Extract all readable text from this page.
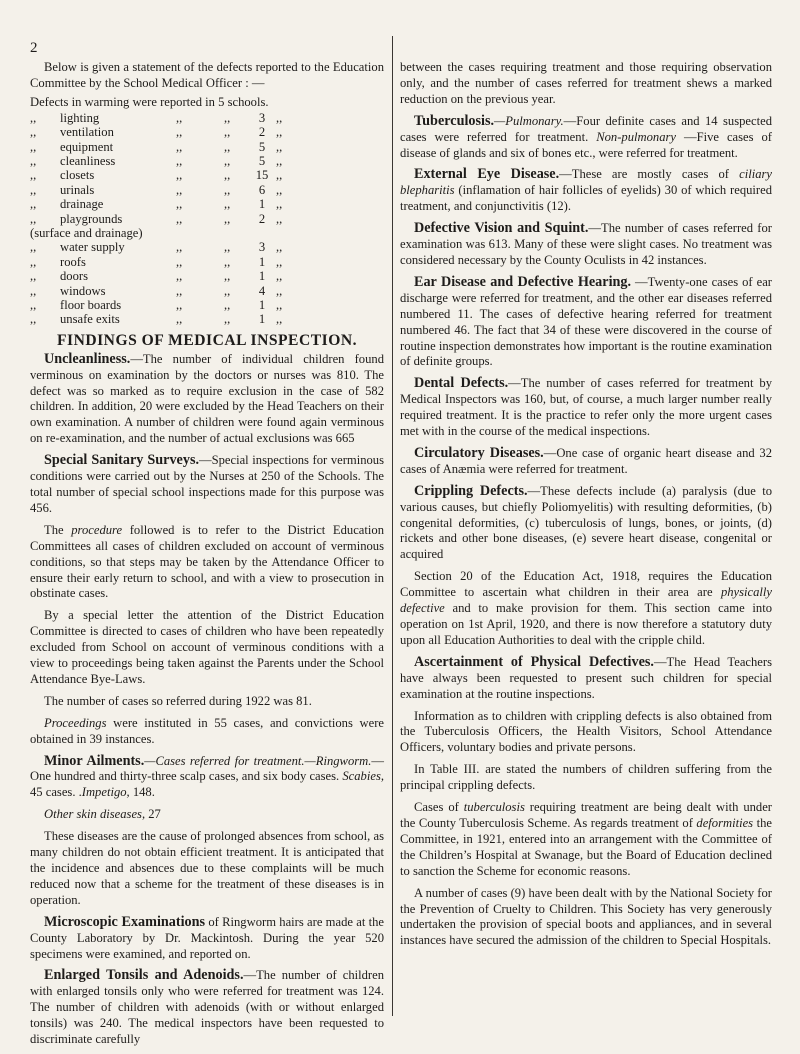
2

Below is given a statement of the defects reported to the Education Committee by the School Medical Officer : —

Defects in warming were reported in 5 schools.

,,	lighting	,,	,,	3	,,
,,	ventilation	,,	,,	2	,,
,,	equipment	,,	,,	5	,,
,,	cleanliness	,,	,,	5	,,
,,	closets	,,	,,	15	,,
,,	urinals	,,	,,	6	,,
,,	drainage	,,	,,	1	,,
,,	playgrounds	,,	,,	2	,,
(surface and drainage)					
,,	water supply	,,	,,	3	,,
,,	roofs	,,	,,	1	,,
,,	doors	,,	,,	1	,,
,,	windows	,,	,,	4	,,
,,	floor boards	,,	,,	1	,,
,,	unsafe exits	,,	,,	1	,,
FINDINGS OF MEDICAL INSPECTION.

Uncleanliness.—The number of individual children found verminous on examination by the doctors or nurses was 810. The defect was so marked as to require exclusion in the case of 582 children. In addition, 20 were excluded by the Head Teachers on their own examination. A number of children were found again verminous on re-examination, and the number of actual exclusions was 665

Special Sanitary Surveys.—Special inspections for verminous conditions were carried out by the Nurses at 250 of the Schools. The total number of special school inspections made for this purpose was 456.

The procedure followed is to refer to the District Education Committees all cases of children excluded on account of verminous conditions, so that steps may be taken by the Attendance Officer to ensure their early return to school, and with a view to prosecution in obstinate cases.

By a special letter the attention of the District Education Committee is directed to cases of children who have been repeatedly excluded from School on account of verminous conditions with a view to proceedings being taken against the Parents under the School Attendance Bye-Laws.

The number of cases so referred during 1922 was 81.

Proceedings were instituted in 55 cases, and convictions were obtained in 39 instances.

Minor Ailments.—Cases referred for treatment.—Ringworm.—One hundred and thirty-three scalp cases, and six body cases. Scabies, 45 cases. .Impetigo, 148.

Other skin diseases, 27

These diseases are the cause of prolonged absences from school, as many children do not obtain efficient treatment. It is anticipated that the incidence and absences due to these complaints will be much reduced now that a scheme for the treatment of these diseases is in operation.

Microscopic Examinations of Ringworm hairs are made at the County Laboratory by Dr. Mackintosh. During the year 520 specimens were examined, and reported on.

Enlarged Tonsils and Adenoids.—The number of children with enlarged tonsils only who were referred for treatment was 124. The number of children with adenoids (with or without enlarged tonsils) was 240. The medical inspectors have been requested to discriminate carefully

between the cases requiring treatment and those requiring observation only, and the number of cases referred for treatment shews a marked reduction on the previous year.

Tuberculosis.—Pulmonary.—Four definite cases and 14 suspected cases were referred for treatment. Non-pulmonary —Five cases of disease of glands and six of bones etc., were referred for treatment.

External Eye Disease.—These are mostly cases of ciliary blepharitis (inflamation of hair follicles of eyelids) 30 of which required treatment, and conjunctivitis (12).

Defective Vision and Squint.—The number of cases referred for examination was 613. Many of these were slight cases. No treatment was considered necessary by the County Oculists in 42 instances.

Ear Disease and Defective Hearing. —Twenty-one cases of ear discharge were referred for treatment, and the other ear diseases referred numbered 11. The cases of defective hearing referred for treatment numbered 46. The fact that 34 of these were discovered in the course of routine inspection demonstrates how important is the routine examination of definite groups.

Dental Defects.—The number of cases referred for treatment by Medical Inspectors was 160, but, of course, a much larger number really required treatment. It is the practice to refer only the more urgent cases met with in the course of the medical inspections.

Circulatory Diseases.—One case of organic heart disease and 32 cases of Anæmia were referred for treatment.

Crippling Defects.—These defects include (a) paralysis (due to various causes, but chiefly Poliomyelitis) with resulting deformities, (b) congenital deformities, (c) tuberculosis of lungs, bones, or joints, (d) rickets and other bone diseases, (e) severe heart disease, congenital or acquired

Section 20 of the Education Act, 1918, requires the Education Committee to ascertain what children in their area are physically defective and to make provision for them. This section came into operation on 1st April, 1920, and there is now therefore a statutory duty upon all Education Authorities to deal with the cripple child.

Ascertainment of Physical Defectives.—The Head Teachers have always been requested to present such children for special examination at the routine inspections.

Information as to children with crippling defects is also obtained from the Tuberculosis Officers, the Health Visitors, School Attendance Officers, voluntary bodies and private persons.

In Table III. are stated the numbers of children suffering from the principal crippling defects.

Cases of tuberculosis requiring treatment are being dealt with under the County Tuberculosis Scheme. As regards treatment of deformities the Committee, in 1921, entered into an arrangement with the Committee of the Children’s Hospital at Swanage, but the Board of Education declined to sanction the Scheme for economic reasons.

A number of cases (9) have been dealt with by the National Society for the Prevention of Cruelty to Children. This Society has very generously undertaken the provision of special boots and appliances, and in several instances have secured the admission of the children to Special Hospitals.
